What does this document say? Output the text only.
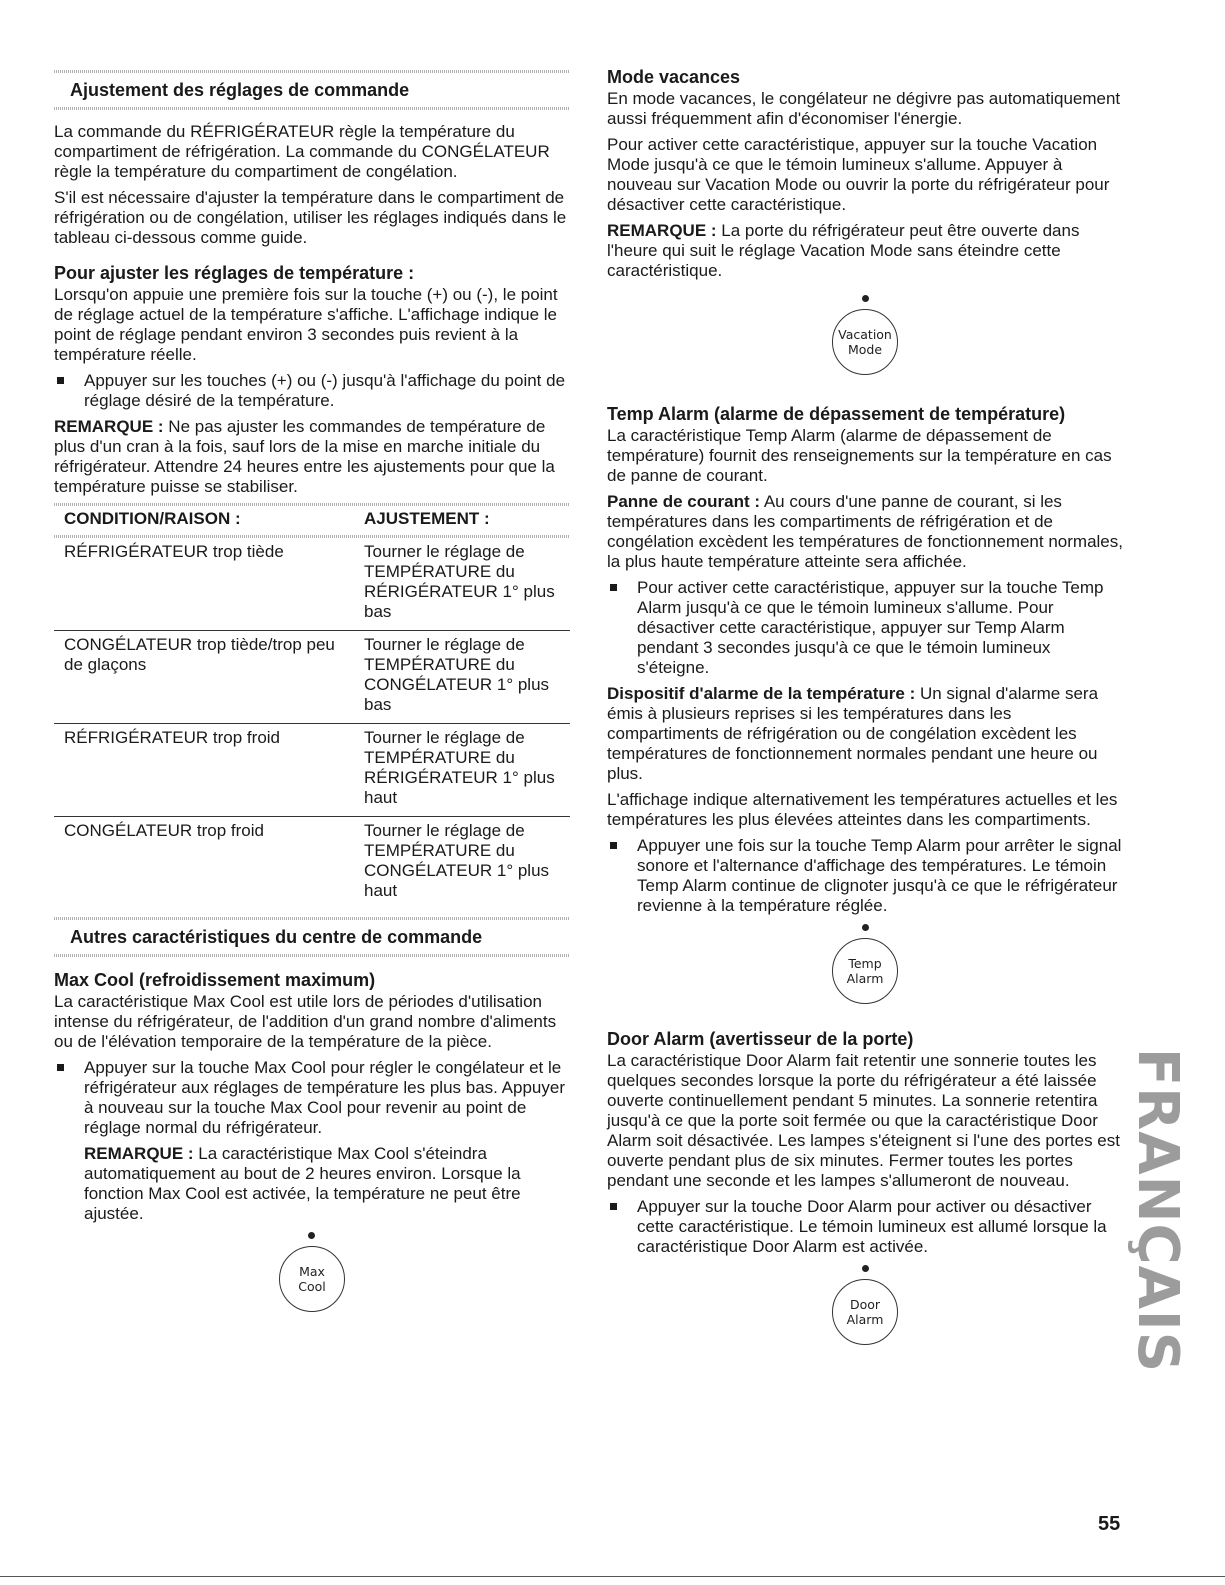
Ajustement des réglages de commande

La commande du RÉFRIGÉRATEUR règle la température du compartiment de réfrigération. La commande du CONGÉLATEUR règle la température du compartiment de congélation.

S'il est nécessaire d'ajuster la température dans le compartiment de réfrigération ou de congélation, utiliser les réglages indiqués dans le tableau ci-dessous comme guide.

Pour ajuster les réglages de température :

Lorsqu'on appuie une première fois sur la touche (+) ou (-), le point de réglage actuel de la température s'affiche. L'affichage indique le point de réglage pendant environ 3 secondes puis revient à la température réelle.

Appuyer sur les touches (+) ou (-) jusqu'à l'affichage du point de réglage désiré de la température.

REMARQUE : Ne pas ajuster les commandes de température de plus d'un cran à la fois, sauf lors de la mise en marche initiale du réfrigérateur. Attendre 24 heures entre les ajustements pour que la température puisse se stabiliser.

CONDITION/RAISON :	AJUSTEMENT :

RÉFRIGÉRATEUR trop tiède	Tourner le réglage de TEMPÉRATURE du RÉRIGÉRATEUR 1° plus bas
CONGÉLATEUR trop tiède/trop peu de glaçons	Tourner le réglage de TEMPÉRATURE du CONGÉLATEUR 1° plus bas
RÉFRIGÉRATEUR trop froid	Tourner le réglage de TEMPÉRATURE du RÉRIGÉRATEUR 1° plus haut
CONGÉLATEUR trop froid	Tourner le réglage de TEMPÉRATURE du CONGÉLATEUR 1° plus haut
Autres caractéristiques du centre de commande
Max Cool (refroidissement maximum)

La caractéristique Max Cool est utile lors de périodes d'utilisation intense du réfrigérateur, de l'addition d'un grand nombre d'aliments ou de l'élévation temporaire de la température de la pièce.

Appuyer sur la touche Max Cool pour régler le congélateur et le réfrigérateur aux réglages de température les plus bas. Appuyer à nouveau sur la touche Max Cool pour revenir au point de réglage normal du réfrigérateur.

REMARQUE : La caractéristique Max Cool s'éteindra automatiquement au bout de 2 heures environ. Lorsque la fonction Max Cool est activée, la température ne peut être ajustée.

Max
Cool
Mode vacances

En mode vacances, le congélateur ne dégivre pas automatiquement aussi fréquemment afin d'économiser l'énergie.

Pour activer cette caractéristique, appuyer sur la touche Vacation Mode jusqu'à ce que le témoin lumineux s'allume. Appuyer à nouveau sur Vacation Mode ou ouvrir la porte du réfrigérateur pour désactiver cette caractéristique.

REMARQUE : La porte du réfrigérateur peut être ouverte dans l'heure qui suit le réglage Vacation Mode sans éteindre cette caractéristique.

Vacation
Mode
Temp Alarm (alarme de dépassement de température)

La caractéristique Temp Alarm (alarme de dépassement de température) fournit des renseignements sur la température en cas de panne de courant.

Panne de courant : Au cours d'une panne de courant, si les températures dans les compartiments de réfrigération et de congélation excèdent les températures de fonctionnement normales, la plus haute température atteinte sera affichée.

Pour activer cette caractéristique, appuyer sur la touche Temp Alarm jusqu'à ce que le témoin lumineux s'allume. Pour désactiver cette caractéristique, appuyer sur Temp Alarm pendant 3 secondes jusqu'à ce que le témoin lumineux s'éteigne.

Dispositif d'alarme de la température : Un signal d'alarme sera émis à plusieurs reprises si les températures dans les compartiments de réfrigération ou de congélation excèdent les températures de fonctionnement normales pendant une heure ou plus.

L'affichage indique alternativement les températures actuelles et les températures les plus élevées atteintes dans les compartiments.

Appuyer une fois sur la touche Temp Alarm pour arrêter le signal sonore et l'alternance d'affichage des températures. Le témoin Temp Alarm continue de clignoter jusqu'à ce que le réfrigérateur revienne à la température réglée.

Temp
Alarm
Door Alarm (avertisseur de la porte)

La caractéristique Door Alarm fait retentir une sonnerie toutes les quelques secondes lorsque la porte du réfrigérateur a été laissée ouverte continuellement pendant 5 minutes. La sonnerie retentira jusqu'à ce que la porte soit fermée ou que la caractéristique Door Alarm soit désactivée. Les lampes s'éteignent si l'une des portes est ouverte pendant plus de six minutes. Fermer toutes les portes pendant une seconde et les lampes s'allumeront de nouveau.

Appuyer sur la touche Door Alarm pour activer ou désactiver cette caractéristique. Le témoin lumineux est allumé lorsque la caractéristique Door Alarm est activée.

Door
Alarm	FRANÇAIS
55
